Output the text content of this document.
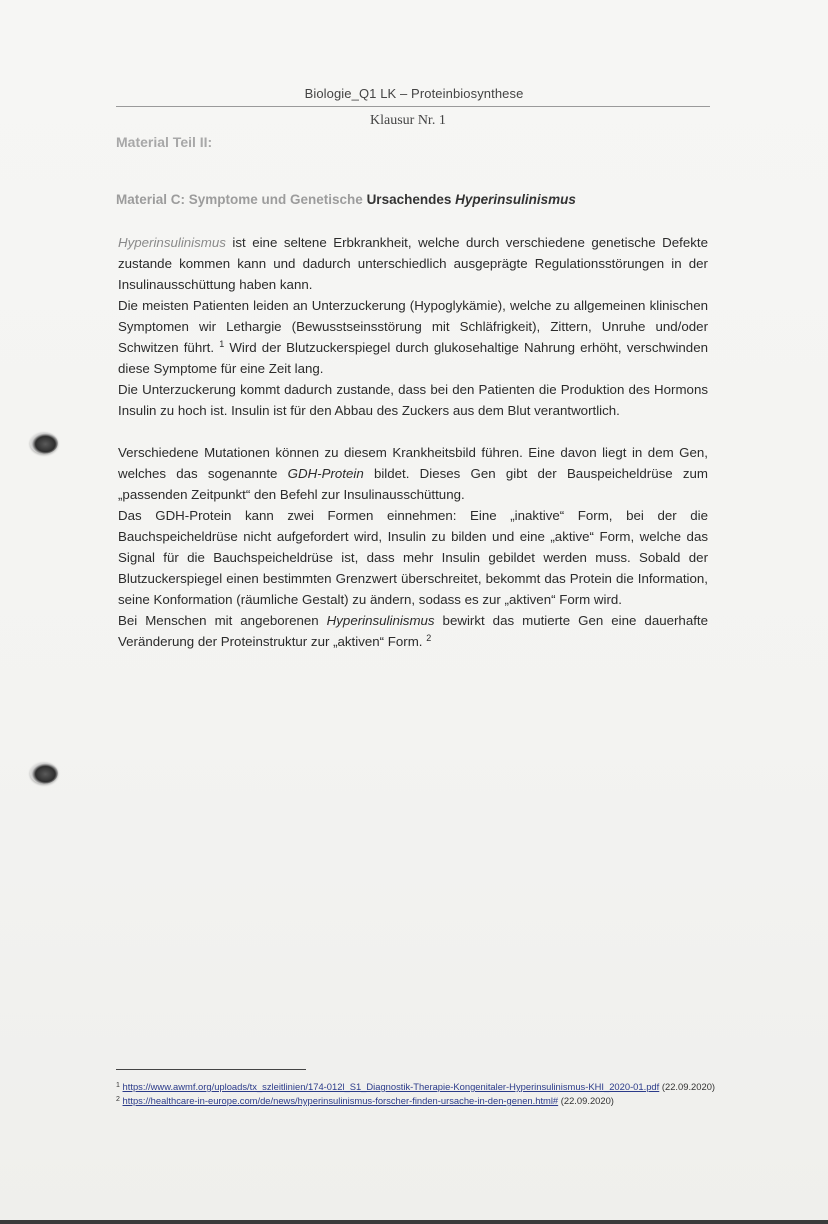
Biologie_Q1 LK – Proteinbiosynthese
Klausur Nr. 1
Material Teil II:
Material C: Symptome und Genetische Ursachendes Hyperinsulinismus

Hyperinsulinismus ist eine seltene Erbkrankheit, welche durch verschiedene genetische Defekte zustande kommen kann und dadurch unterschiedlich ausgeprägte Regulationsstörungen in der Insulinausschüttung haben kann.

Die meisten Patienten leiden an Unterzuckerung (Hypoglykämie), welche zu allgemeinen klinischen Symptomen wir Lethargie (Bewusstseinsstörung mit Schläfrigkeit), Zittern, Unruhe und/oder Schwitzen führt. $^1$ Wird der Blutzuckerspiegel durch glukosehaltige Nahrung erhöht, verschwinden diese Symptome für eine Zeit lang.

Die Unterzuckerung kommt dadurch zustande, dass bei den Patienten die Produktion des Hormons Insulin zu hoch ist. Insulin ist für den Abbau des Zuckers aus dem Blut verantwortlich.

Verschiedene Mutationen können zu diesem Krankheitsbild führen. Eine davon liegt in dem Gen, welches das sogenannte GDH-Protein bildet. Dieses Gen gibt der Bauspeicheldrüse zum „passenden Zeitpunkt“ den Befehl zur Insulinausschüttung.

Das GDH-Protein kann zwei Formen einnehmen: Eine „inaktive“ Form, bei der die Bauchspeicheldrüse nicht aufgefordert wird, Insulin zu bilden und eine „aktive“ Form, welche das Signal für die Bauchspeicheldrüse ist, dass mehr Insulin gebildet werden muss. Sobald der Blutzuckerspiegel einen bestimmten Grenzwert überschreitet, bekommt das Protein die Information, seine Konformation (räumliche Gestalt) zu ändern, sodass es zur „aktiven“ Form wird.

Bei Menschen mit angeborenen Hyperinsulinismus bewirkt das mutierte Gen eine dauerhafte Veränderung der Proteinstruktur zur „aktiven“ Form. $^2$

$^1$ https://www.awmf.org/uploads/tx_szleitlinien/174-012l_S1_Diagnostik-Therapie-Kongenitaler-Hyperinsulinismus-KHI_2020-01.pdf (22.09.2020)

$^2$ https://healthcare-in-europe.com/de/news/hyperinsulinismus-forscher-finden-ursache-in-den-genen.html# (22.09.2020)
